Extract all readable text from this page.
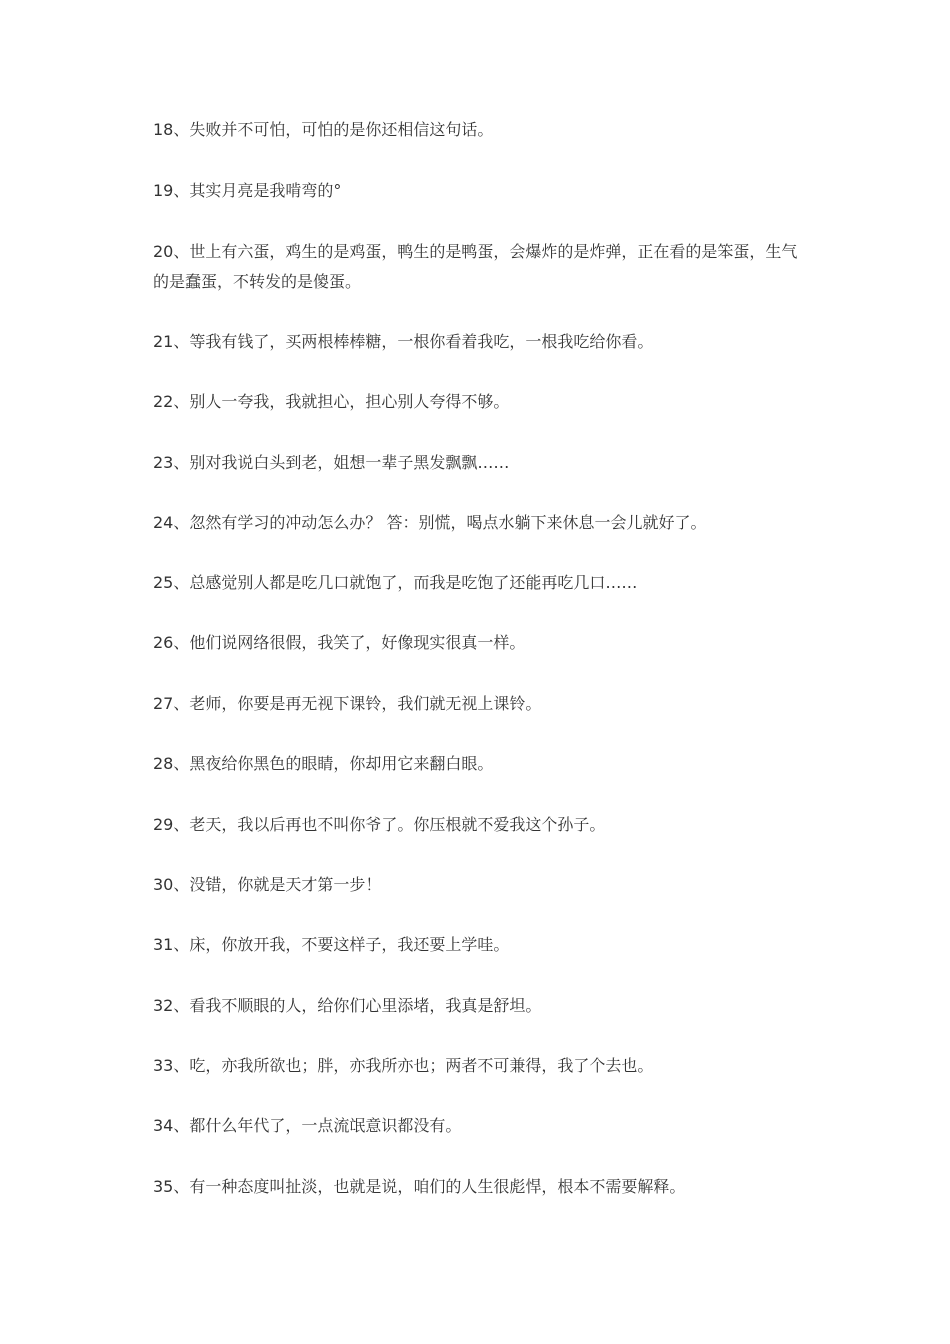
18、失败并不可怕，可怕的是你还相信这句话。

19、其实月亮是我啃弯的°

20、世上有六蛋，鸡生的是鸡蛋，鸭生的是鸭蛋，会爆炸的是炸弹，正在看的是笨蛋，生气的是蠢蛋，不转发的是傻蛋。

21、等我有钱了，买两根棒棒糖，一根你看着我吃，一根我吃给你看。

22、别人一夸我，我就担心，担心别人夸得不够。

23、别对我说白头到老，姐想一辈子黑发飘飘……

24、忽然有学习的冲动怎么办？ 答：别慌，喝点水躺下来休息一会儿就好了。

25、总感觉别人都是吃几口就饱了，而我是吃饱了还能再吃几口……

26、他们说网络很假，我笑了，好像现实很真一样。

27、老师，你要是再无视下课铃，我们就无视上课铃。

28、黑夜给你黑色的眼睛，你却用它来翻白眼。

29、老天，我以后再也不叫你爷了。你压根就不爱我这个孙子。

30、没错，你就是天才第一步！

31、床，你放开我，不要这样子，我还要上学哇。

32、看我不顺眼的人，给你们心里添堵，我真是舒坦。

33、吃，亦我所欲也；胖，亦我所亦也；两者不可兼得，我了个去也。

34、都什么年代了，一点流氓意识都没有。

35、有一种态度叫扯淡，也就是说，咱们的人生很彪悍，根本不需要解释。
